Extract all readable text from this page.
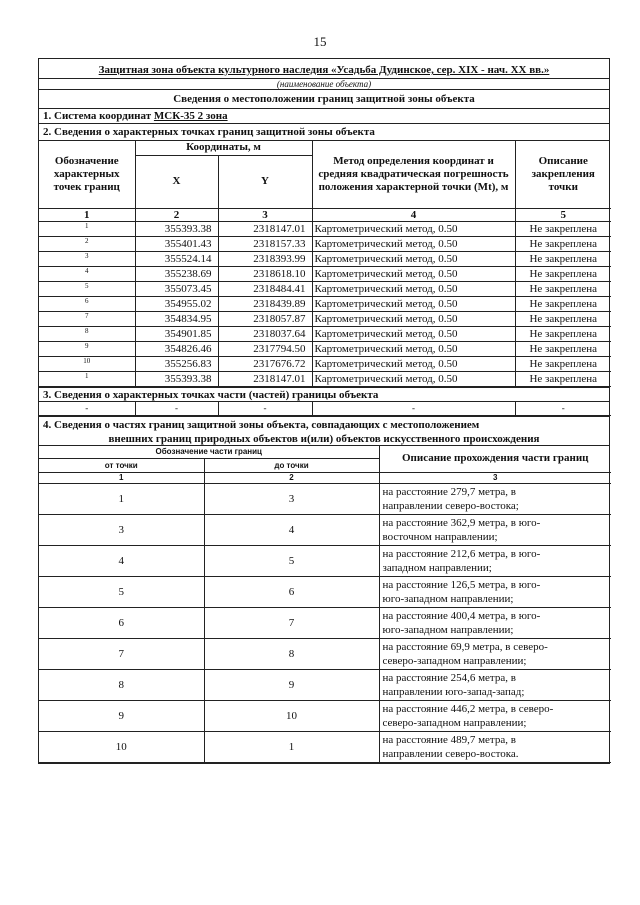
15
Защитная зона объекта культурного наследия «Усадьба Дудинское, сер. XIX - нач. XX вв.»
(наименование объекта)
Сведения о местоположении границ защитной зоны объекта
1. Система координат МСК-35 2 зона
2. Сведения о характерных точках границ защитной зоны объекта
Обозначение характерных точек границ	Координаты, м		Метод определения координат и средняя квадратическая погрешность положения характерной точки (Mt), м	Описание закрепления точки
	X	Y		
1	2	3	4	5
1	355393.38	2318147.01	Картометрический метод, 0.50	Не закреплена
2	355401.43	2318157.33	Картометрический метод, 0.50	Не закреплена
3	355524.14	2318393.99	Картометрический метод, 0.50	Не закреплена
4	355238.69	2318618.10	Картометрический метод, 0.50	Не закреплена
5	355073.45	2318484.41	Картометрический метод, 0.50	Не закреплена
6	354955.02	2318439.89	Картометрический метод, 0.50	Не закреплена
7	354834.95	2318057.87	Картометрический метод, 0.50	Не закреплена
8	354901.85	2318037.64	Картометрический метод, 0.50	Не закреплена
9	354826.46	2317794.50	Картометрический метод, 0.50	Не закреплена
10	355256.83	2317676.72	Картометрический метод, 0.50	Не закреплена
1	355393.38	2318147.01	Картометрический метод, 0.50	Не закреплена
3. Сведения о характерных точках части (частей) границы объекта
-	-	-	-	-
4. Сведения о частях границ защитной зоны объекта, совпадающих с местоположением
внешних границ природных объектов и(или) объектов искусственного происхождения
Обозначение части границ		Описание прохождения части границ
от точки	до точки	
1	2	3
1	3	на расстояние 279,7 метра, в
направлении северо-востока;

3	4	на расстояние 362,9 метра, в юго-
восточном направлении;

4	5	на расстояние 212,6 метра, в юго-
западном направлении;

5	6	на расстояние 126,5 метра, в юго-
юго-западном направлении;

6	7	на расстояние 400,4 метра, в юго-
юго-западном направлении;

7	8	на расстояние 69,9 метра, в северо-
северо-западном направлении;

8	9	на расстояние 254,6 метра, в
направлении юго-запад-запад;

9	10	на расстояние 446,2 метра, в северо-
северо-западном направлении;

10	1	на расстояние 489,7 метра, в
направлении северо-востока.
